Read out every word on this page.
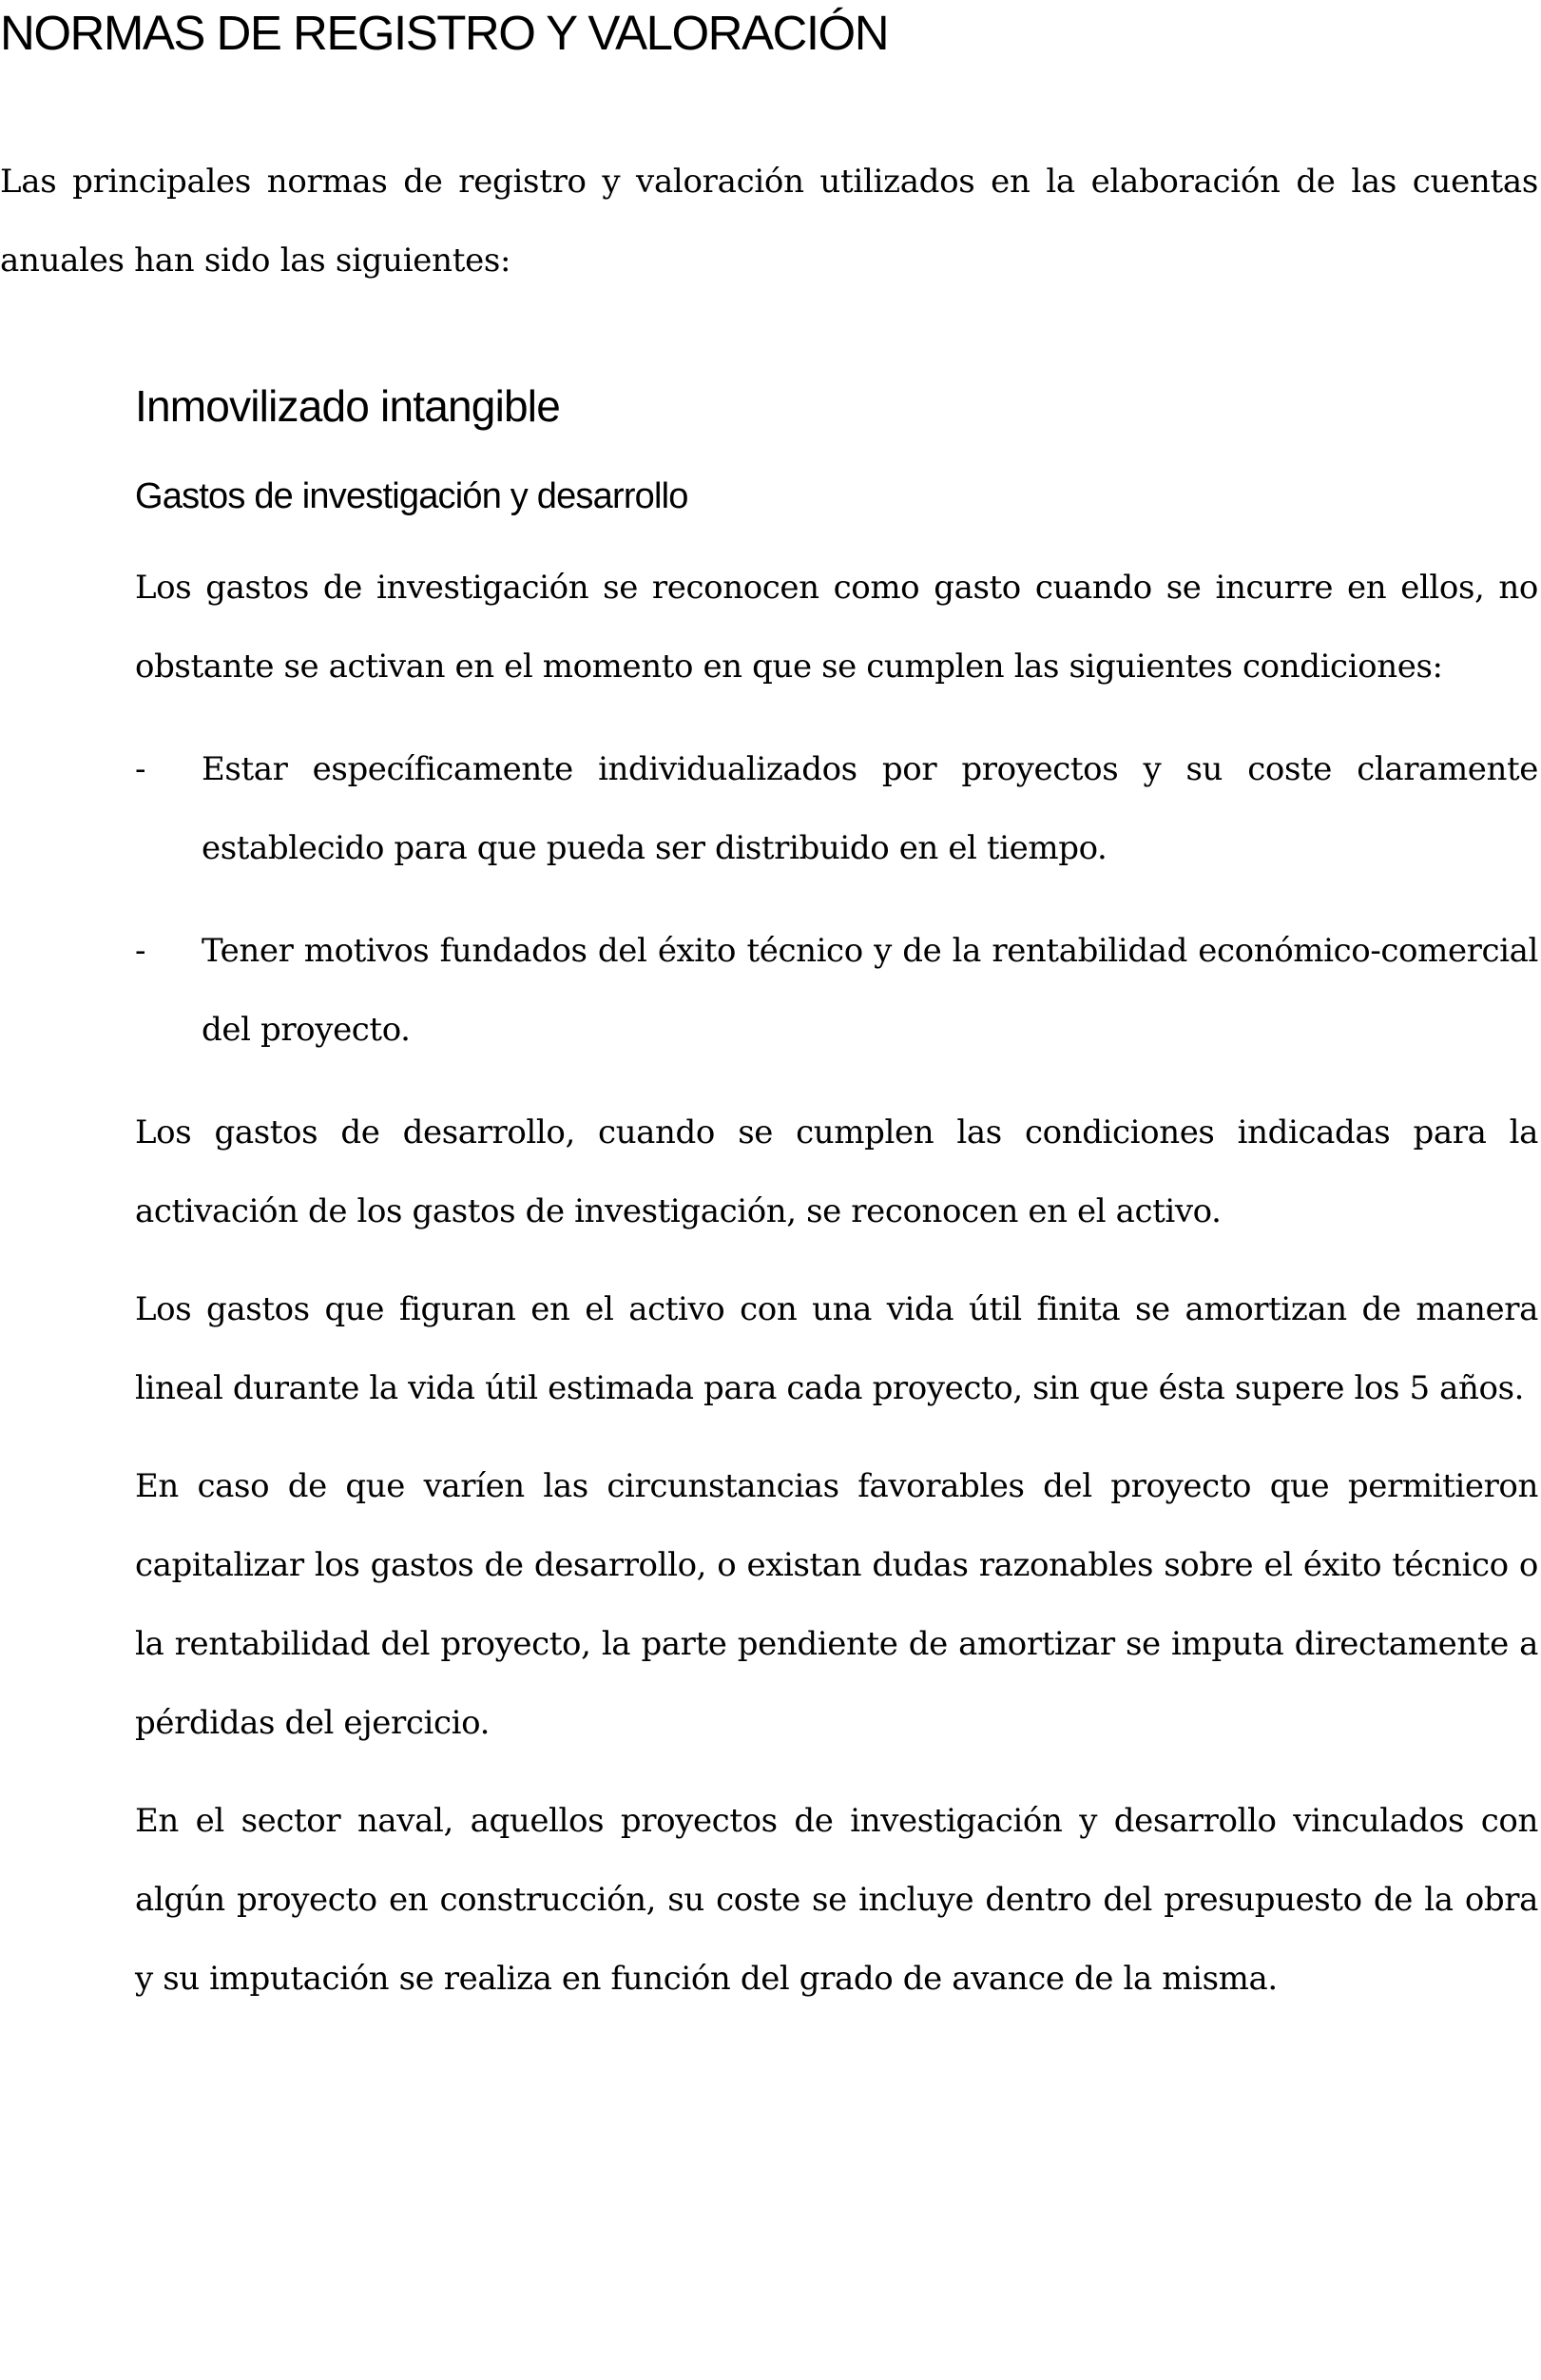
NORMAS DE REGISTRO Y VALORACIÓN

Las principales normas de registro y valoración utilizados en la elaboración de las cuentas anuales han sido las siguientes:

Inmovilizado intangible
Gastos de investigación y desarrollo

Los gastos de investigación se reconocen como gasto cuando se incurre en ellos, no obstante se activan en el momento en que se cumplen las siguientes condiciones:

- Estar específicamente individualizados por proyectos y su coste claramente establecido para que pueda ser distribuido en el tiempo.
- Tener motivos fundados del éxito técnico y de la rentabilidad económico-comercial del proyecto.

Los gastos de desarrollo, cuando se cumplen las condiciones indicadas para la activación de los gastos de investigación, se reconocen en el activo.

Los gastos que figuran en el activo con una vida útil finita se amortizan de manera lineal durante la vida útil estimada para cada proyecto, sin que ésta supere los 5 años.

En caso de que varíen las circunstancias favorables del proyecto que permitieron capitalizar los gastos de desarrollo, o existan dudas razonables sobre el éxito técnico o la rentabilidad del proyecto, la parte pendiente de amortizar se imputa directamente a pérdidas del ejercicio.

En el sector naval, aquellos proyectos de investigación y desarrollo vinculados con algún proyecto en construcción, su coste se incluye dentro del presupuesto de la obra y su imputación se realiza en función del grado de avance de la misma.
